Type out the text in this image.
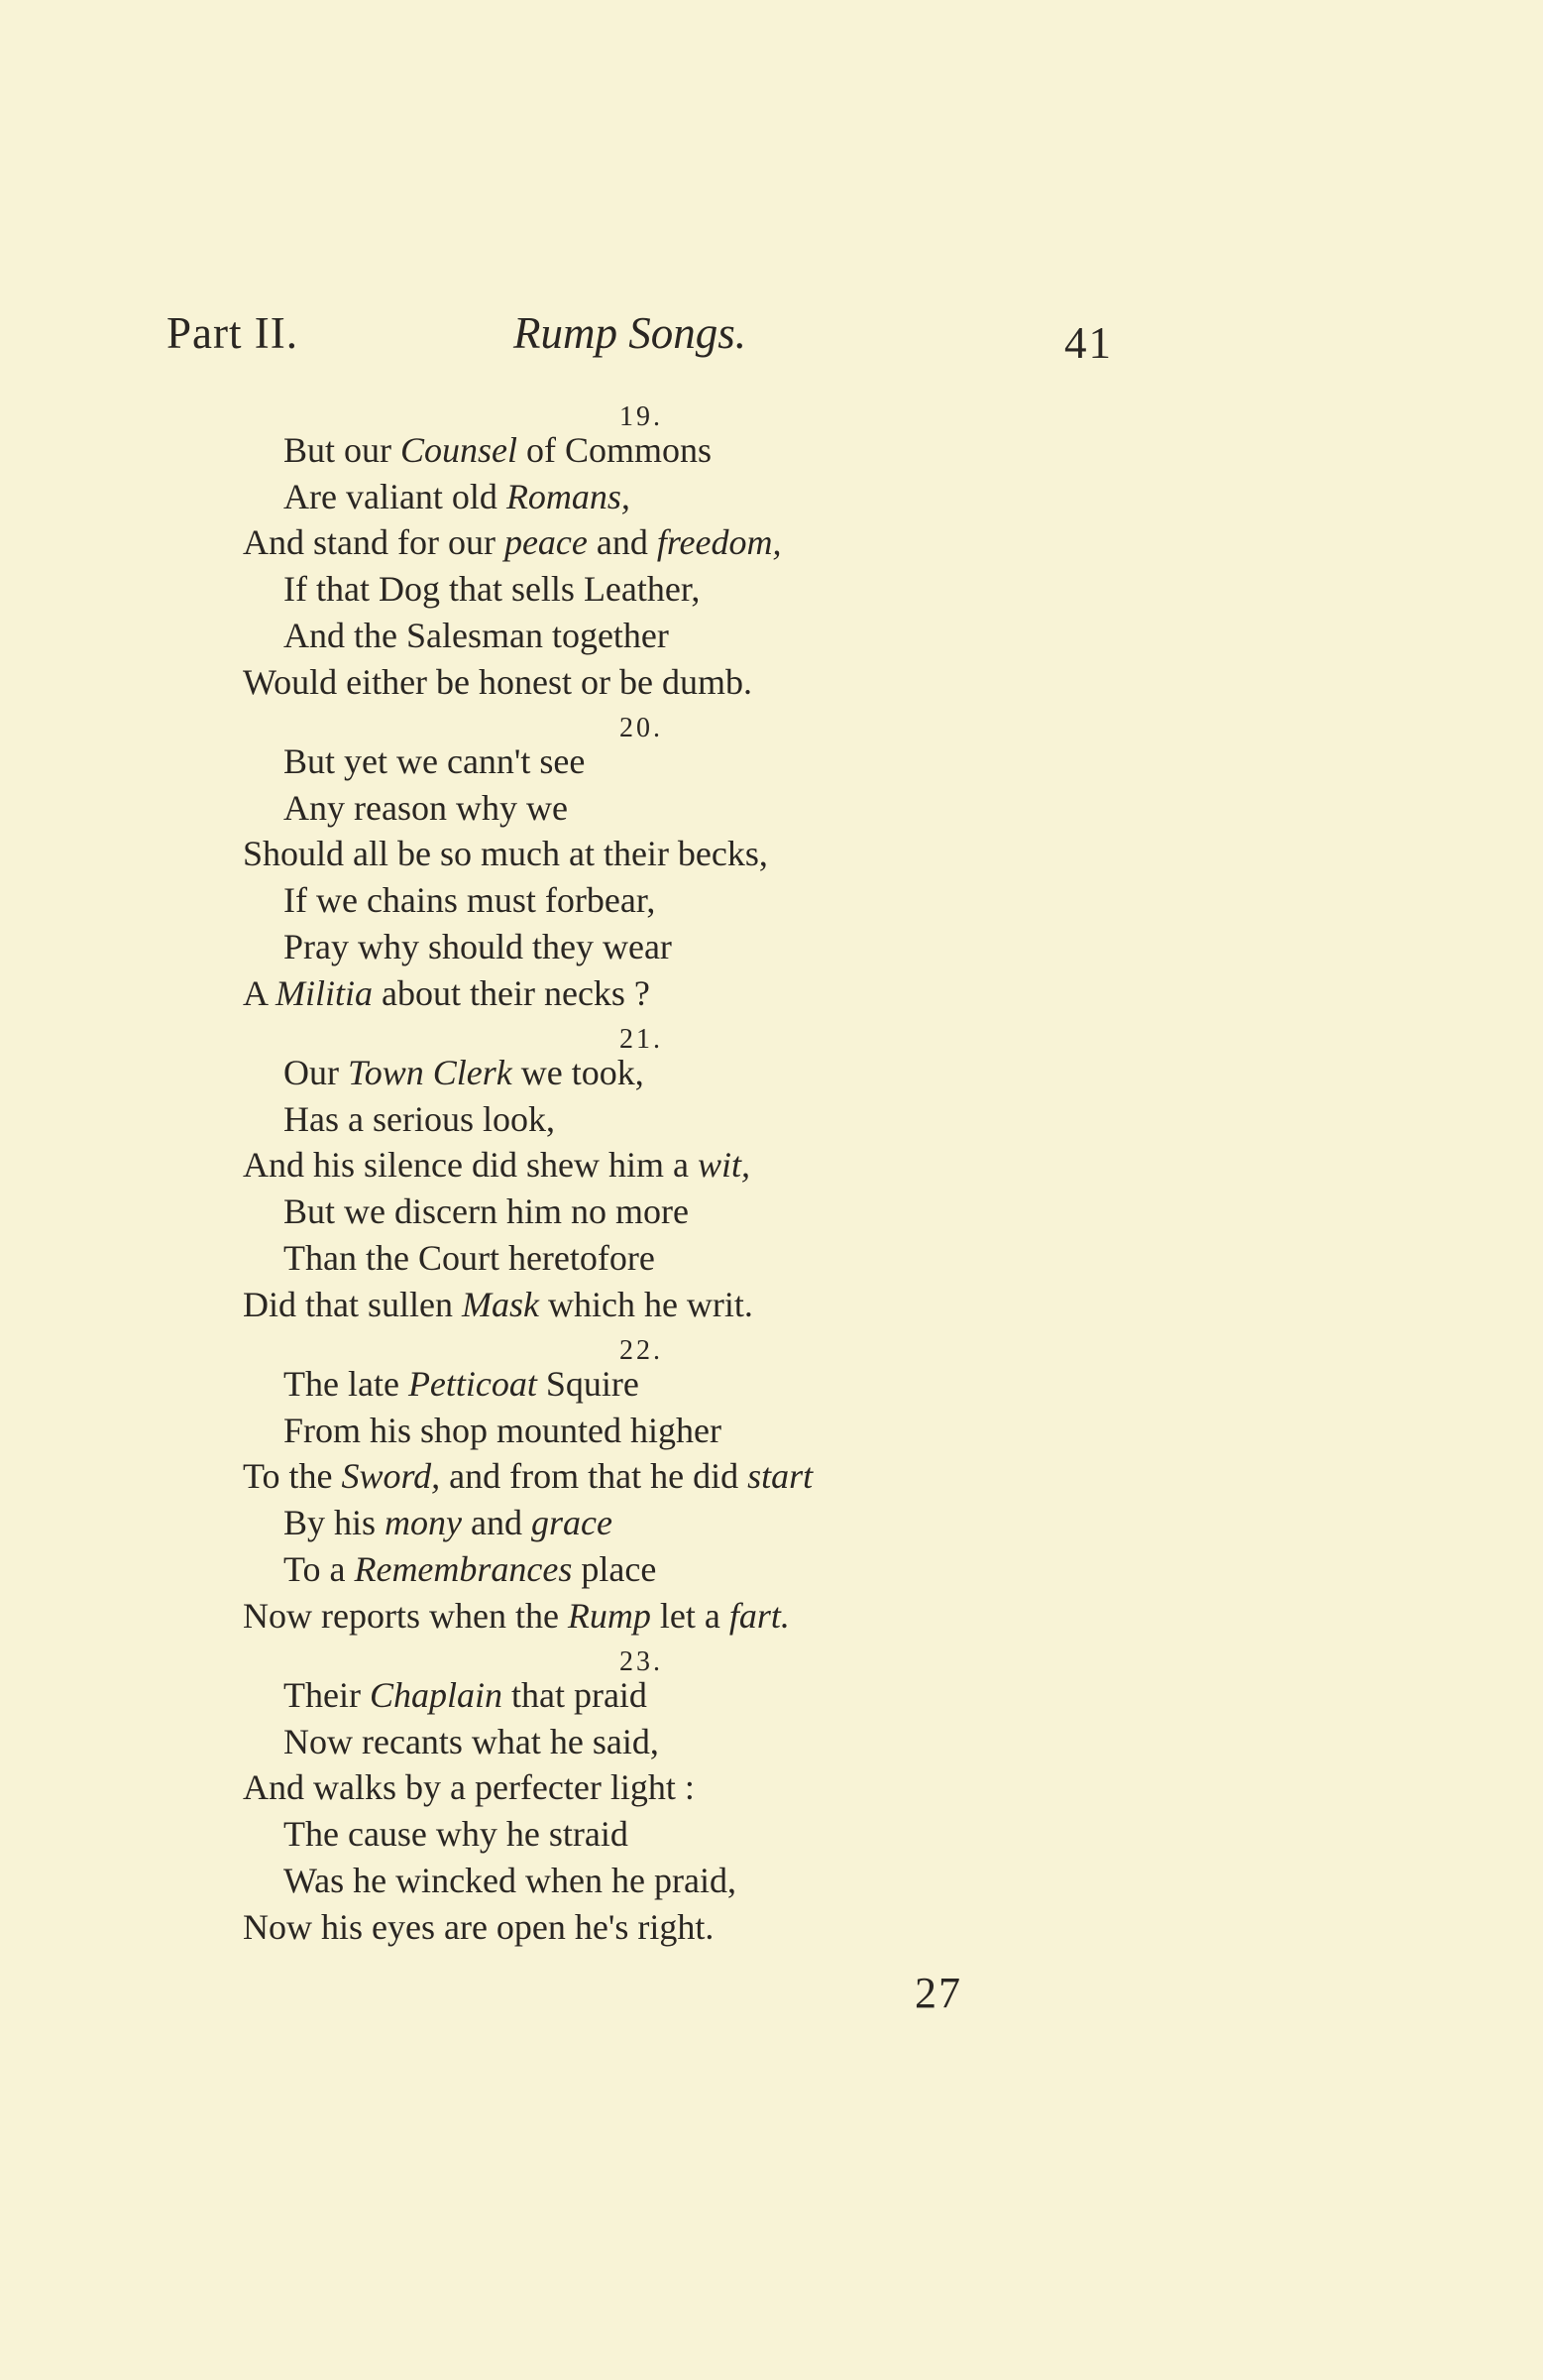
Part II.	Rump Songs.	41
19.
But our Counsel of Commons
Are valiant old Romans,
And stand for our peace and freedom,
If that Dog that sells Leather,
And the Salesman together
Would either be honest or be dumb.
20.
But yet we cann't see
Any reason why we
Should all be so much at their becks,
If we chains must forbear,
Pray why should they wear
A Militia about their necks ?
21.
Our Town Clerk we took,
Has a serious look,
And his silence did shew him a wit,
But we discern him no more
Than the Court heretofore
Did that sullen Mask which he writ.
22.
The late Petticoat Squire
From his shop mounted higher
To the Sword, and from that he did start
By his mony and grace
To a Remembrances place
Now reports when the Rump let a fart.
23.
Their Chaplain that praid
Now recants what he said,
And walks by a perfecter light :
The cause why he straid
Was he wincked when he praid,
Now his eyes are open he's right.
27
